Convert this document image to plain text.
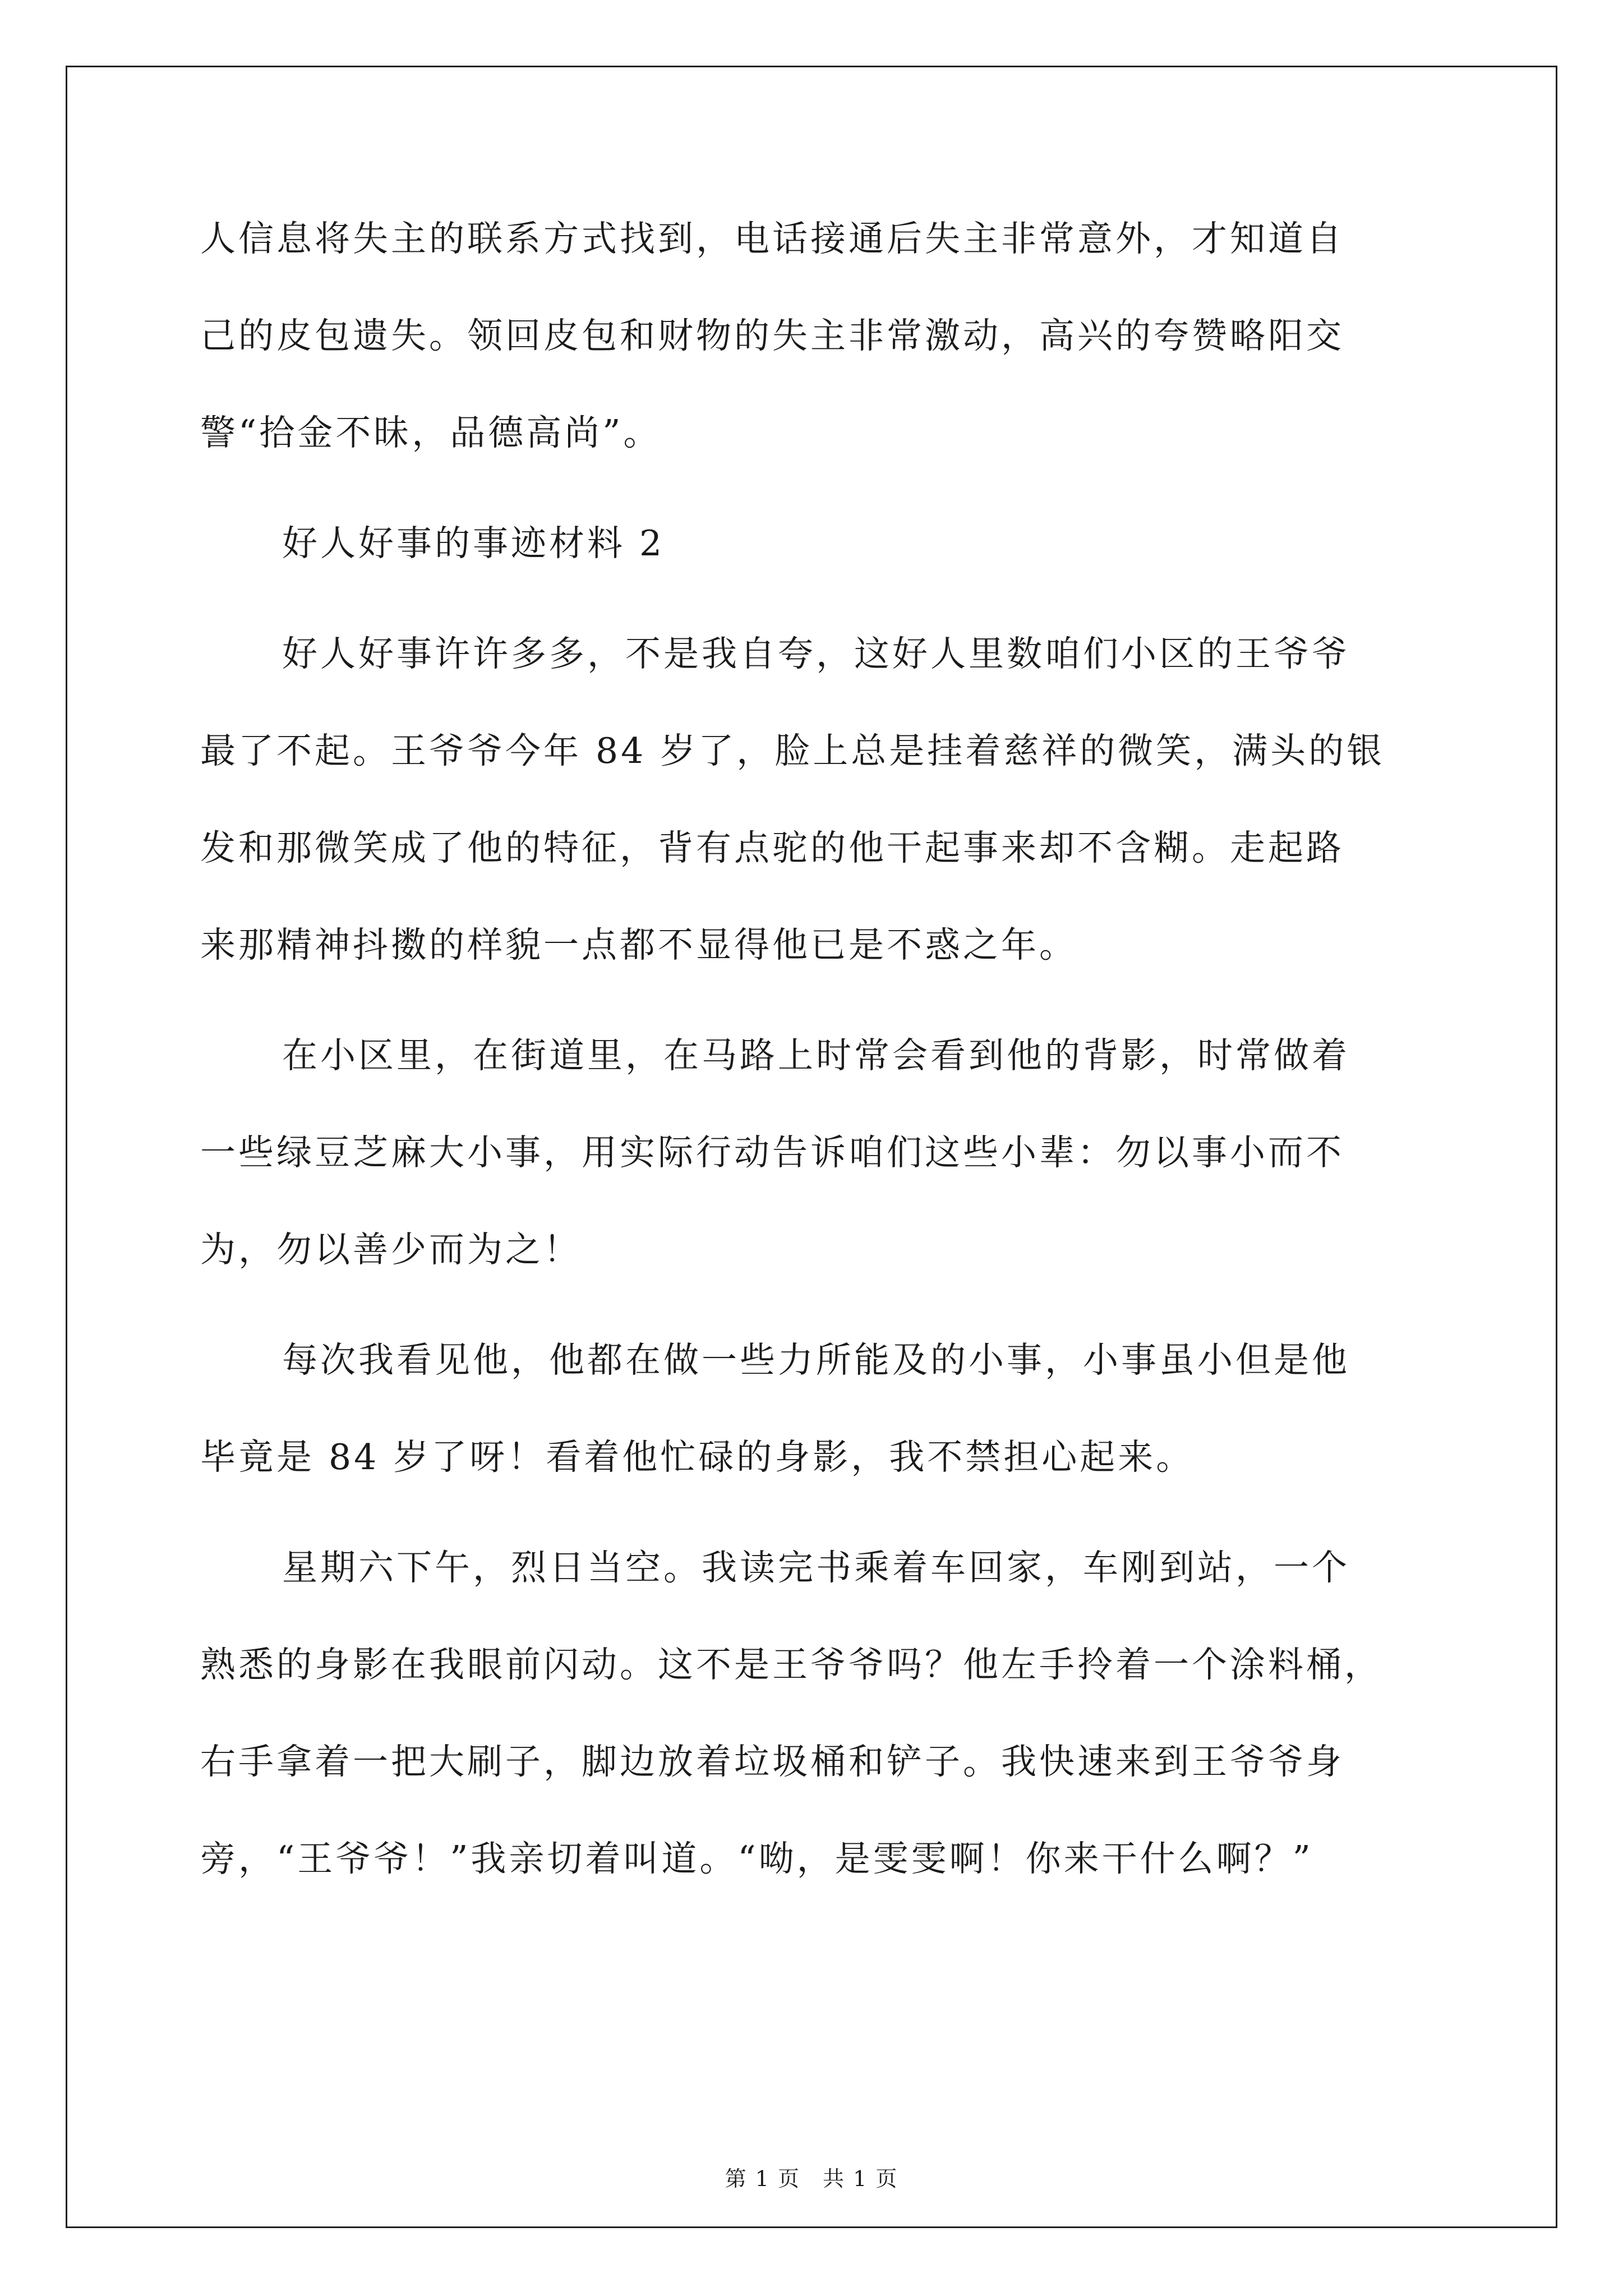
人信息将失主的联系方式找到，电话接通后失主非常意外，才知道自
己的皮包遗失。领回皮包和财物的失主非常激动，高兴的夸赞略阳交
警“拾金不昧，品德高尚”。
好人好事的事迹材料 2
好人好事许许多多，不是我自夸，这好人里数咱们小区的王爷爷
最了不起。王爷爷今年 84 岁了，脸上总是挂着慈祥的微笑，满头的银
发和那微笑成了他的特征，背有点驼的他干起事来却不含糊。走起路
来那精神抖擞的样貌一点都不显得他已是不惑之年。
在小区里，在街道里，在马路上时常会看到他的背影，时常做着
一些绿豆芝麻大小事，用实际行动告诉咱们这些小辈：勿以事小而不
为，勿以善少而为之！
每次我看见他，他都在做一些力所能及的小事，小事虽小但是他
毕竟是 84 岁了呀！看着他忙碌的身影，我不禁担心起来。
星期六下午，烈日当空。我读完书乘着车回家，车刚到站，一个
熟悉的身影在我眼前闪动。这不是王爷爷吗？他左手拎着一个涂料桶，
右手拿着一把大刷子，脚边放着垃圾桶和铲子。我快速来到王爷爷身
旁，“王爷爷！”我亲切着叫道。“呦，是雯雯啊！你来干什么啊？”
第 1 页　共 1 页
